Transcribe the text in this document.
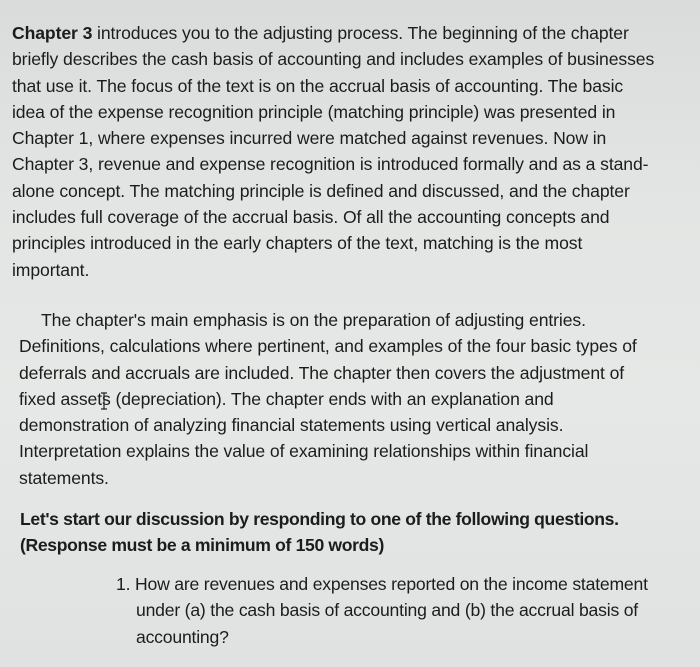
Chapter 3 introduces you to the adjusting process. The beginning of the chapter
briefly describes the cash basis of accounting and includes examples of businesses
that use it. The focus of the text is on the accrual basis of accounting. The basic
idea of the expense recognition principle (matching principle) was presented in
Chapter 1, where expenses incurred were matched against revenues. Now in
Chapter 3, revenue and expense recognition is introduced formally and as a stand-
alone concept. The matching principle is defined and discussed, and the chapter
includes full coverage of the accrual basis. Of all the accounting concepts and
principles introduced in the early chapters of the text, matching is the most
important.

The chapter's main emphasis is on the preparation of adjusting entries.
Definitions, calculations where pertinent, and examples of the four basic types of
deferrals and accruals are included. The chapter then covers the adjustment of
fixed assets (depreciation). The chapter ends with an explanation and
demonstration of analyzing financial statements using vertical analysis.
Interpretation explains the value of examining relationships within financial
statements.

Let's start our discussion by responding to one of the following questions.
(Response must be a minimum of 150 words)

1. How are revenues and expenses reported on the income statement
under (a) the cash basis of accounting and (b) the accrual basis of
accounting?
